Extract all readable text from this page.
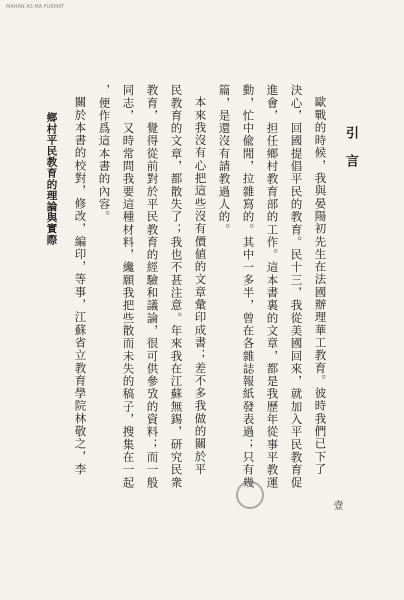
MAHAN AS MA FURMAT
鄉村平民教育的理論與實際	引言
歐戰的時候，我與晏陽初先生在法國辦理華工教育。彼時我們已下了
決心，回國提倡平民的教育。民十三，我從美國回來，就加入平民教育促
進會，担任鄉村教育部的工作。這本書裏的文章，都是我歷年從事平教運
動，忙中偸閒，拉雜寫的。其中一多半，曾在各雜誌報紙發表過；只有幾
篇，是還沒有請教過人的。
本來我沒有心把這些沒有價値的文章彙印成書；差不多我做的關於平
民教育的文章，都散失了；我也不甚注意。年來我在江蘇無錫，研究民衆
教育，覺得從前對於平民教育的經驗和議論，很可供參攷的資料；而一般
同志，又時常問我要這種材料，纔願我把些散而未失的稿子，搜集在一起
，便作爲這本書的內容。
關於本書的校對，修改，編印，等事，江蘇省立教育學院林敬之，李
壹
